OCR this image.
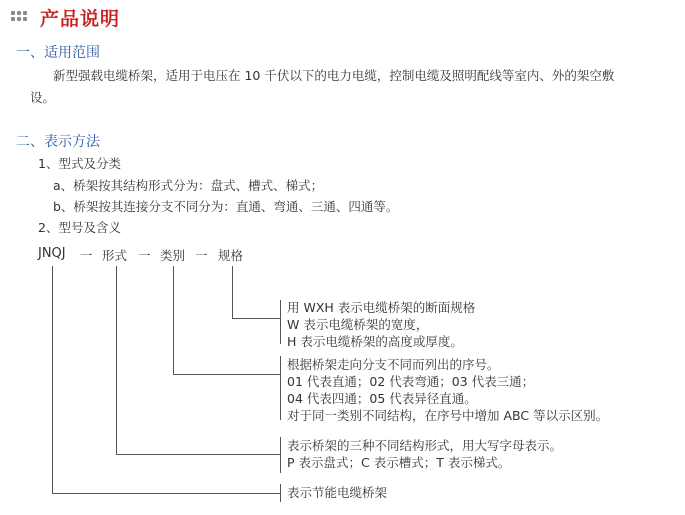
产品说明
一、适用范围
新型强载电缆桥架，适用于电压在 10 千伏以下的电力电缆，控制电缆及照明配线等室内、外的架空敷
设。
二、表示方法
1、型式及分类
a、桥架按其结构形式分为：盘式、槽式、梯式；
b、桥架按其连接分支不同分为：直通、弯通、三通、四通等。
2、型号及含义
JNQJ 一 形式 一 类别 一 规格
用 WXH 表示电缆桥架的断面规格
W 表示电缆桥架的宽度，
H 表示电缆桥架的高度或厚度。
根据桥架走向分支不同而列出的序号。
01 代表直通；02 代表弯通；03 代表三通；
04 代表四通；05 代表异径直通。
对于同一类别不同结构，在序号中增加 ABC 等以示区别。
表示桥架的三种不同结构形式，用大写字母表示。
P 表示盘式；C 表示槽式；T 表示梯式。
表示节能电缆桥架
